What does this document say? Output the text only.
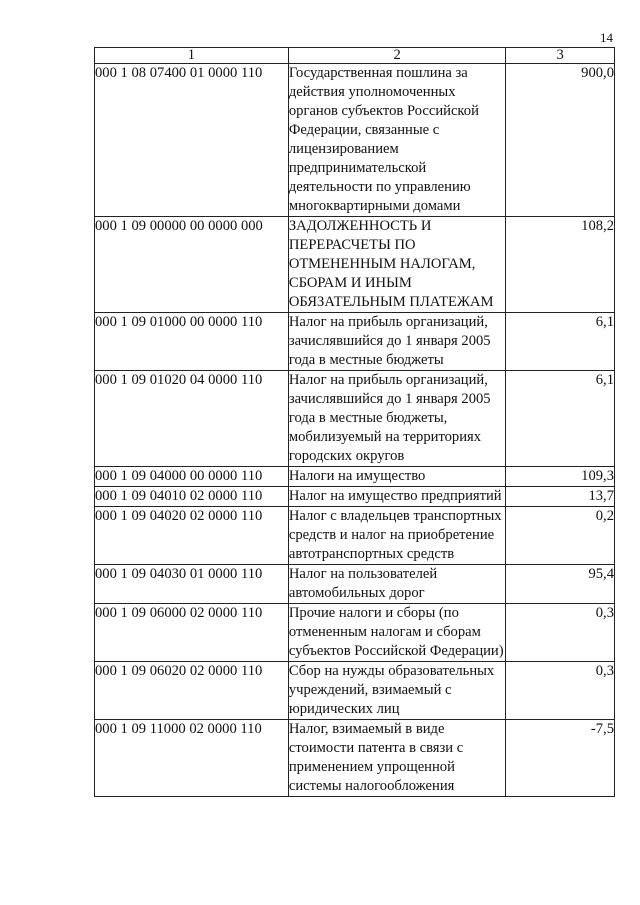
14
1	2	3
000 1 08 07400 01 0000 110	Государственная пошлина за действия уполномоченных органов субъектов Российской Федерации, связанные с лицензированием предпринимательской деятельности по управлению многоквартирными домами	900,0
000 1 09 00000 00 0000 000	ЗАДОЛЖЕННОСТЬ И ПЕРЕРАСЧЕТЫ ПО ОТМЕНЕННЫМ НАЛОГАМ, СБОРАМ И ИНЫМ ОБЯЗАТЕЛЬНЫМ ПЛАТЕЖАМ	108,2
000 1 09 01000 00 0000 110	Налог на прибыль организаций, зачислявшийся до 1 января 2005 года в местные бюджеты	6,1
000 1 09 01020 04 0000 110	Налог на прибыль организаций, зачислявшийся до 1 января 2005 года в местные бюджеты, мобилизуемый на территориях городских округов	6,1
000 1 09 04000 00 0000 110	Налоги на имущество	109,3
000 1 09 04010 02 0000 110	Налог на имущество предприятий	13,7
000 1 09 04020 02 0000 110	Налог с владельцев транспортных средств и налог на приобретение автотранспортных средств	0,2
000 1 09 04030 01 0000 110	Налог на пользователей автомобильных дорог	95,4
000 1 09 06000 02 0000 110	Прочие налоги и сборы (по отмененным налогам и сборам субъектов Российской Федерации)	0,3
000 1 09 06020 02 0000 110	Сбор на нужды образовательных учреждений, взимаемый с юридических лиц	0,3
000 1 09 11000 02 0000 110	Налог, взимаемый в виде стоимости патента в связи с применением упрощенной системы налогообложения	-7,5
